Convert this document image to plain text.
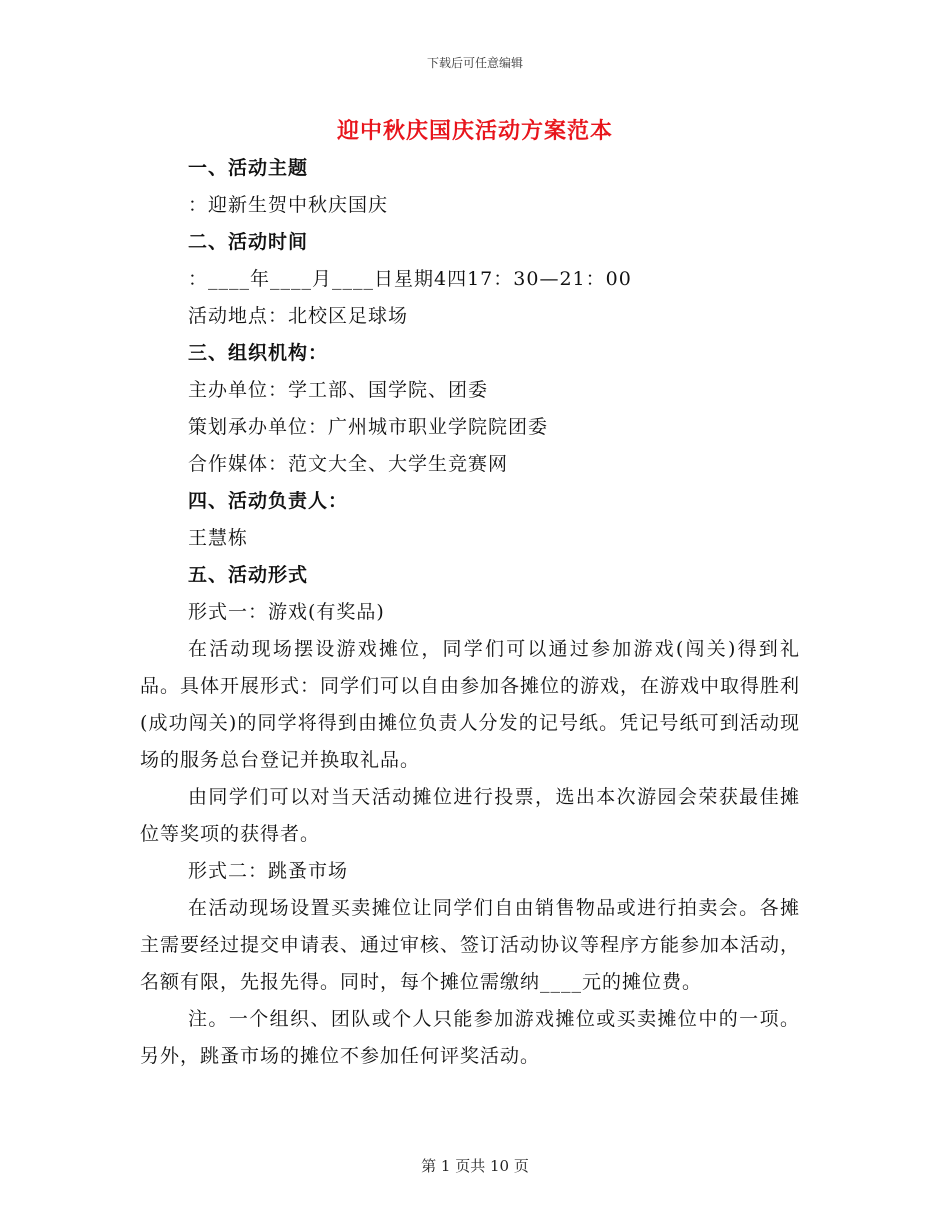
下载后可任意编辑
迎中秋庆国庆活动方案范本
一、活动主题
：迎新生贺中秋庆国庆
二、活动时间
：____年____月____日星期4四17：30—21：00
活动地点：北校区足球场
三、组织机构：
主办单位：学工部、国学院、团委
策划承办单位：广州城市职业学院院团委
合作媒体：范文大全、大学生竞赛网
四、活动负责人：
王慧栋
五、活动形式
形式一：游戏(有奖品)

在活动现场摆设游戏摊位，同学们可以通过参加游戏(闯关)得到礼品。具体开展形式：同学们可以自由参加各摊位的游戏，在游戏中取得胜利(成功闯关)的同学将得到由摊位负责人分发的记号纸。凭记号纸可到活动现场的服务总台登记并换取礼品。

由同学们可以对当天活动摊位进行投票，选出本次游园会荣获最佳摊位等奖项的获得者。

形式二：跳蚤市场

在活动现场设置买卖摊位让同学们自由销售物品或进行拍卖会。各摊主需要经过提交申请表、通过审核、签订活动协议等程序方能参加本活动，名额有限，先报先得。同时，每个摊位需缴纳____元的摊位费。

注。一个组织、团队或个人只能参加游戏摊位或买卖摊位中的一项。另外，跳蚤市场的摊位不参加任何评奖活动。

第 1 页共 10 页
